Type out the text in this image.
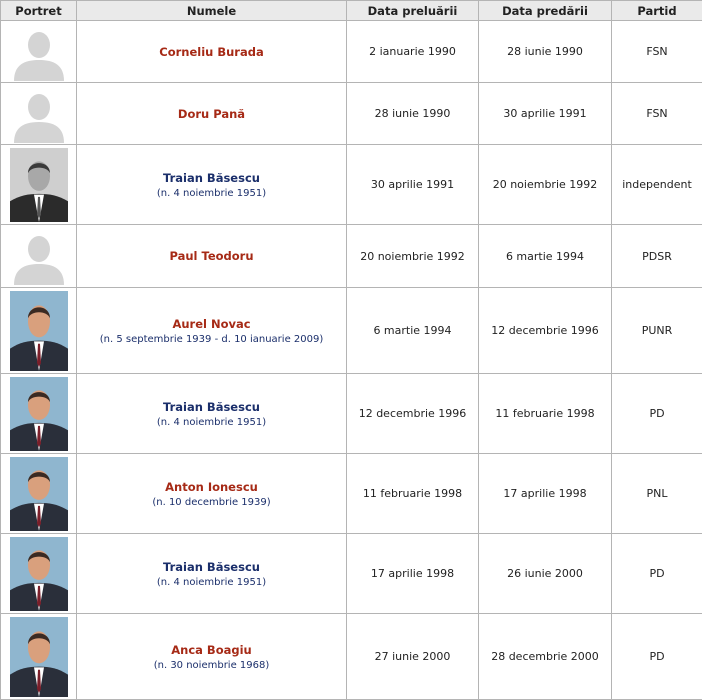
Portret	Numele	Data preluării	Data predării	Partid

Corneliu Burada	2 ianuarie 1990	28 iunie 1990	FSN

Doru Pană	28 iunie 1990	30 aprilie 1991	FSN

Traian Băsescu
(n. 4 noiembrie 1951)	30 aprilie 1991	20 noiembrie 1992	independent

Paul Teodoru	20 noiembrie 1992	6 martie 1994	PDSR

Aurel Novac
(n. 5 septembrie 1939 - d. 10 ianuarie 2009)	6 martie 1994	12 decembrie 1996	PUNR

Traian Băsescu
(n. 4 noiembrie 1951)	12 decembrie 1996	11 februarie 1998	PD

Anton Ionescu
(n. 10 decembrie 1939)	11 februarie 1998	17 aprilie 1998	PNL

Traian Băsescu
(n. 4 noiembrie 1951)	17 aprilie 1998	26 iunie 2000	PD

Anca Boagiu
(n. 30 noiembrie 1968)	27 iunie 2000	28 decembrie 2000	PD
